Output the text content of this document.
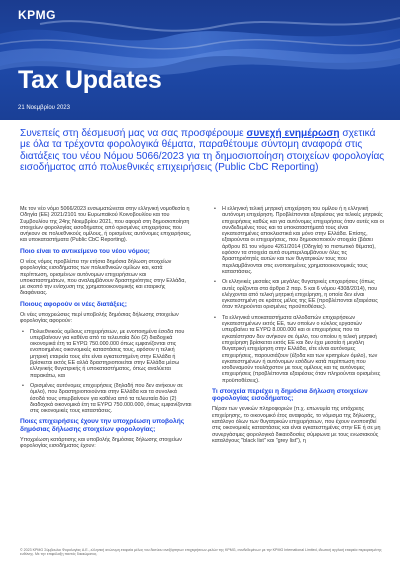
KPMG
Tax Updates
21 Νοεμβρίου 2023
Συνεπείς στη δέσμευσή μας να σας προσφέρουμε συνεχή ενημέρωση σχετικά με όλα τα τρέχοντα φορολογικά θέματα, παραθέτουμε σύντομη αναφορά στις διατάξεις του νέου Νόμου 5066/2023 για τη δημοσιοποίηση στοιχείων φορολογίας εισοδήματος από πολυεθνικές επιχειρήσεις (Public CbC Reporting)

Με τον νέο νόμο 5066/2023 ενσωματώνεται στην ελληνική νομοθεσία η Οδηγία (ΕΕ) 2021/2101 του Ευρωπαϊκού Κοινοβουλίου και του Συμβουλίου της 24ης Νοεμβρίου 2021, που αφορά στη δημοσιοποίηση στοιχείων φορολογίας εισοδήματος από ορισμένες επιχειρήσεις που ανήκουν σε πολυεθνικούς ομίλους, ή ορισμένες αυτόνομες επιχειρήσεις, και υποκαταστήματα (Public CbC Reporting).

Ποιο είναι το αντικείμενο του νέου νόμου;

Ο νέος νόμος προβλέπει την ετήσια δημόσια δήλωση στοιχείων φορολογίας εισοδήματος των πολυεθνικών ομίλων και, κατά περίπτωση, ορισμένων αυτόνομων επιχειρήσεων και υποκαταστημάτων, που αναλαμβάνουν δραστηριότητες στην Ελλάδα, με σκοπό την ενίσχυση της χρηματοοικονομικής και εταιρικής διαφάνειας.

Ποιους αφορούν οι νέες διατάξεις;

Οι νέες υποχρεώσεις περί υποβολής δημόσιας δήλωσης στοιχείων φορολογίας αφορούν:

• Πολυεθνικούς ομίλους επιχειρήσεων, με ενοποιημένα έσοδα που υπερβαίνουν για καθένα από τα τελευταία δύο (2) διαδοχικά οικονομικά έτη τα ΕΥΡΩ 750.000.000 όπως εμφανίζονται στις ενοποιημένες οικονομικές καταστάσεις τους, εφόσον η τελική μητρική εταιρεία τους είτε είναι εγκατεστημένη στην Ελλάδα ή βρίσκεται εκτός ΕΕ αλλά δραστηριοποιείται στην Ελλάδα μέσω ελληνικής θυγατρικής ή υποκαταστήματος, όπως αναλύεται παρακάτω, και
• Ορισμένες αυτόνομες επιχειρήσεις (δηλαδή που δεν ανήκουν σε όμιλο), που δραστηριοποιούνται στην Ελλάδα και τα συνολικά έσοδά τους υπερβαίνουν για καθένα από τα τελευταία δύο (2) διαδοχικά οικονομικά έτη τα ΕΥΡΩ 750.000.000, όπως εμφανίζονται στις οικονομικές τους καταστάσεις.
Ποιες επιχειρήσεις έχουν την υποχρέωση υποβολής δημόσιας δήλωσης στοιχείων φορολογίας;

Υποχρέωση κατάρτισης και υποβολής δημόσιας δήλωσης στοιχείων φορολογίας εισοδήματος έχουν:

• Η ελληνική τελική μητρική επιχείρηση του ομίλου ή η ελληνική αυτόνομη επιχείρηση. Προβλέπονται εξαιρέσεις για τελικές μητρικές επιχειρήσεις καθώς και για αυτόνομες επιχειρήσεις όταν αυτές και οι συνδεδεμένες τους και τα υποκαταστήματά τους είναι εγκατεστημένες αποκλειστικά και μόνο στην Ελλάδα. Επίσης, εξαιρούνται οι επιχειρήσεις, που δημοσιοποιούν στοιχεία (βάσει άρθρου 81 του νόμου 4261/2014 (Οδηγία) το πιστωτικό θέματα), εφόσον τα στοιχεία αυτά συμπεριλαμβάνουν όλες τις δραστηριότητές αυτών και των θυγατρικών τους που περιλαμβάνονται στις ενοποιημένες χρηματοοικονομικές τους καταστάσεις.
• Οι ελληνικές μεσαίες και μεγάλες θυγατρικές επιχειρήσεις (όπως αυτές ορίζονται στα άρθρα 2 παρ. 5 και 6 νόμου 4308/2014), που ελέγχονται από τελική μητρική επιχείρηση, η οποία δεν είναι εγκατεστημένη σε κράτος μέλος της ΕΕ (προβλέπονται εξαιρέσεις όταν πληρούνται ορισμένες προϋποθέσεις).
• Τα ελληνικά υποκαταστήματα αλλοδαπών επιχειρήσεων εγκατεστημένων εκτός ΕΕ, των οποίων ο κύκλος εργασιών υπερβαίνει τα ΕΥΡΩ 8.000.000 και οι επιχειρήσεις που τα εγκατέστησαν δεν ανήκουν σε όμιλο, του οποίου η τελική μητρική επιχείρηση βρίσκεται εκτός ΕΕ και δεν έχει μεσαία ή μεγάλη θυγατρική επιχείρηση στην Ελλάδα, είτε είναι αυτόνομες επιχειρήσεις, παρουσιάζουν (έξοδα και των κριτηρίων όμιλο), των εγκατεστημένων ή αυτόνομων εσόδων κατά περίπτωση που ισοδυναμούν τουλάχιστον με τους ομίλους και τις αυτόνομες επιχειρήσεις (προβλέπονται εξαιρέσεις όταν πληρούνται ορισμένες προϋποθέσεις).
Τι στοιχεία περιέχει η δημόσια δήλωση στοιχείων φορολογίας εισοδήματος;

Πέραν των γενικών πληροφοριών (π.χ. επωνυμία της υπόχρεης επιχείρησης, το οικονομικό έτος αναφοράς, το νόμισμα της δήλωσης, κατάλογο όλων των θυγατρικών επιχειρήσεων, που έχουν ενοποιηθεί στις οικονομικές καταστάσεις και είναι εγκατεστημένες στην ΕΕ ή σε μη συνεργάσιμες φορολογικά δικαιοδοσίες σύμφωνα με τους ενωσιακούς καταλόγους "black list" και "grey list"), η

© 2023 KPMG Σύμβουλοι Φορολογίας Α.Ε., ελληνική ανώνυμη εταιρεία μέλος του δικτύου ανεξάρτητων επιχειρήσεων-μελών της KPMG, συνδεδεμένων με την KPMG International Limited, ιδιωτική αγγλική εταιρεία περιορισμένης ευθύνης. Με την επιφύλαξη παντός δικαιώματος.
